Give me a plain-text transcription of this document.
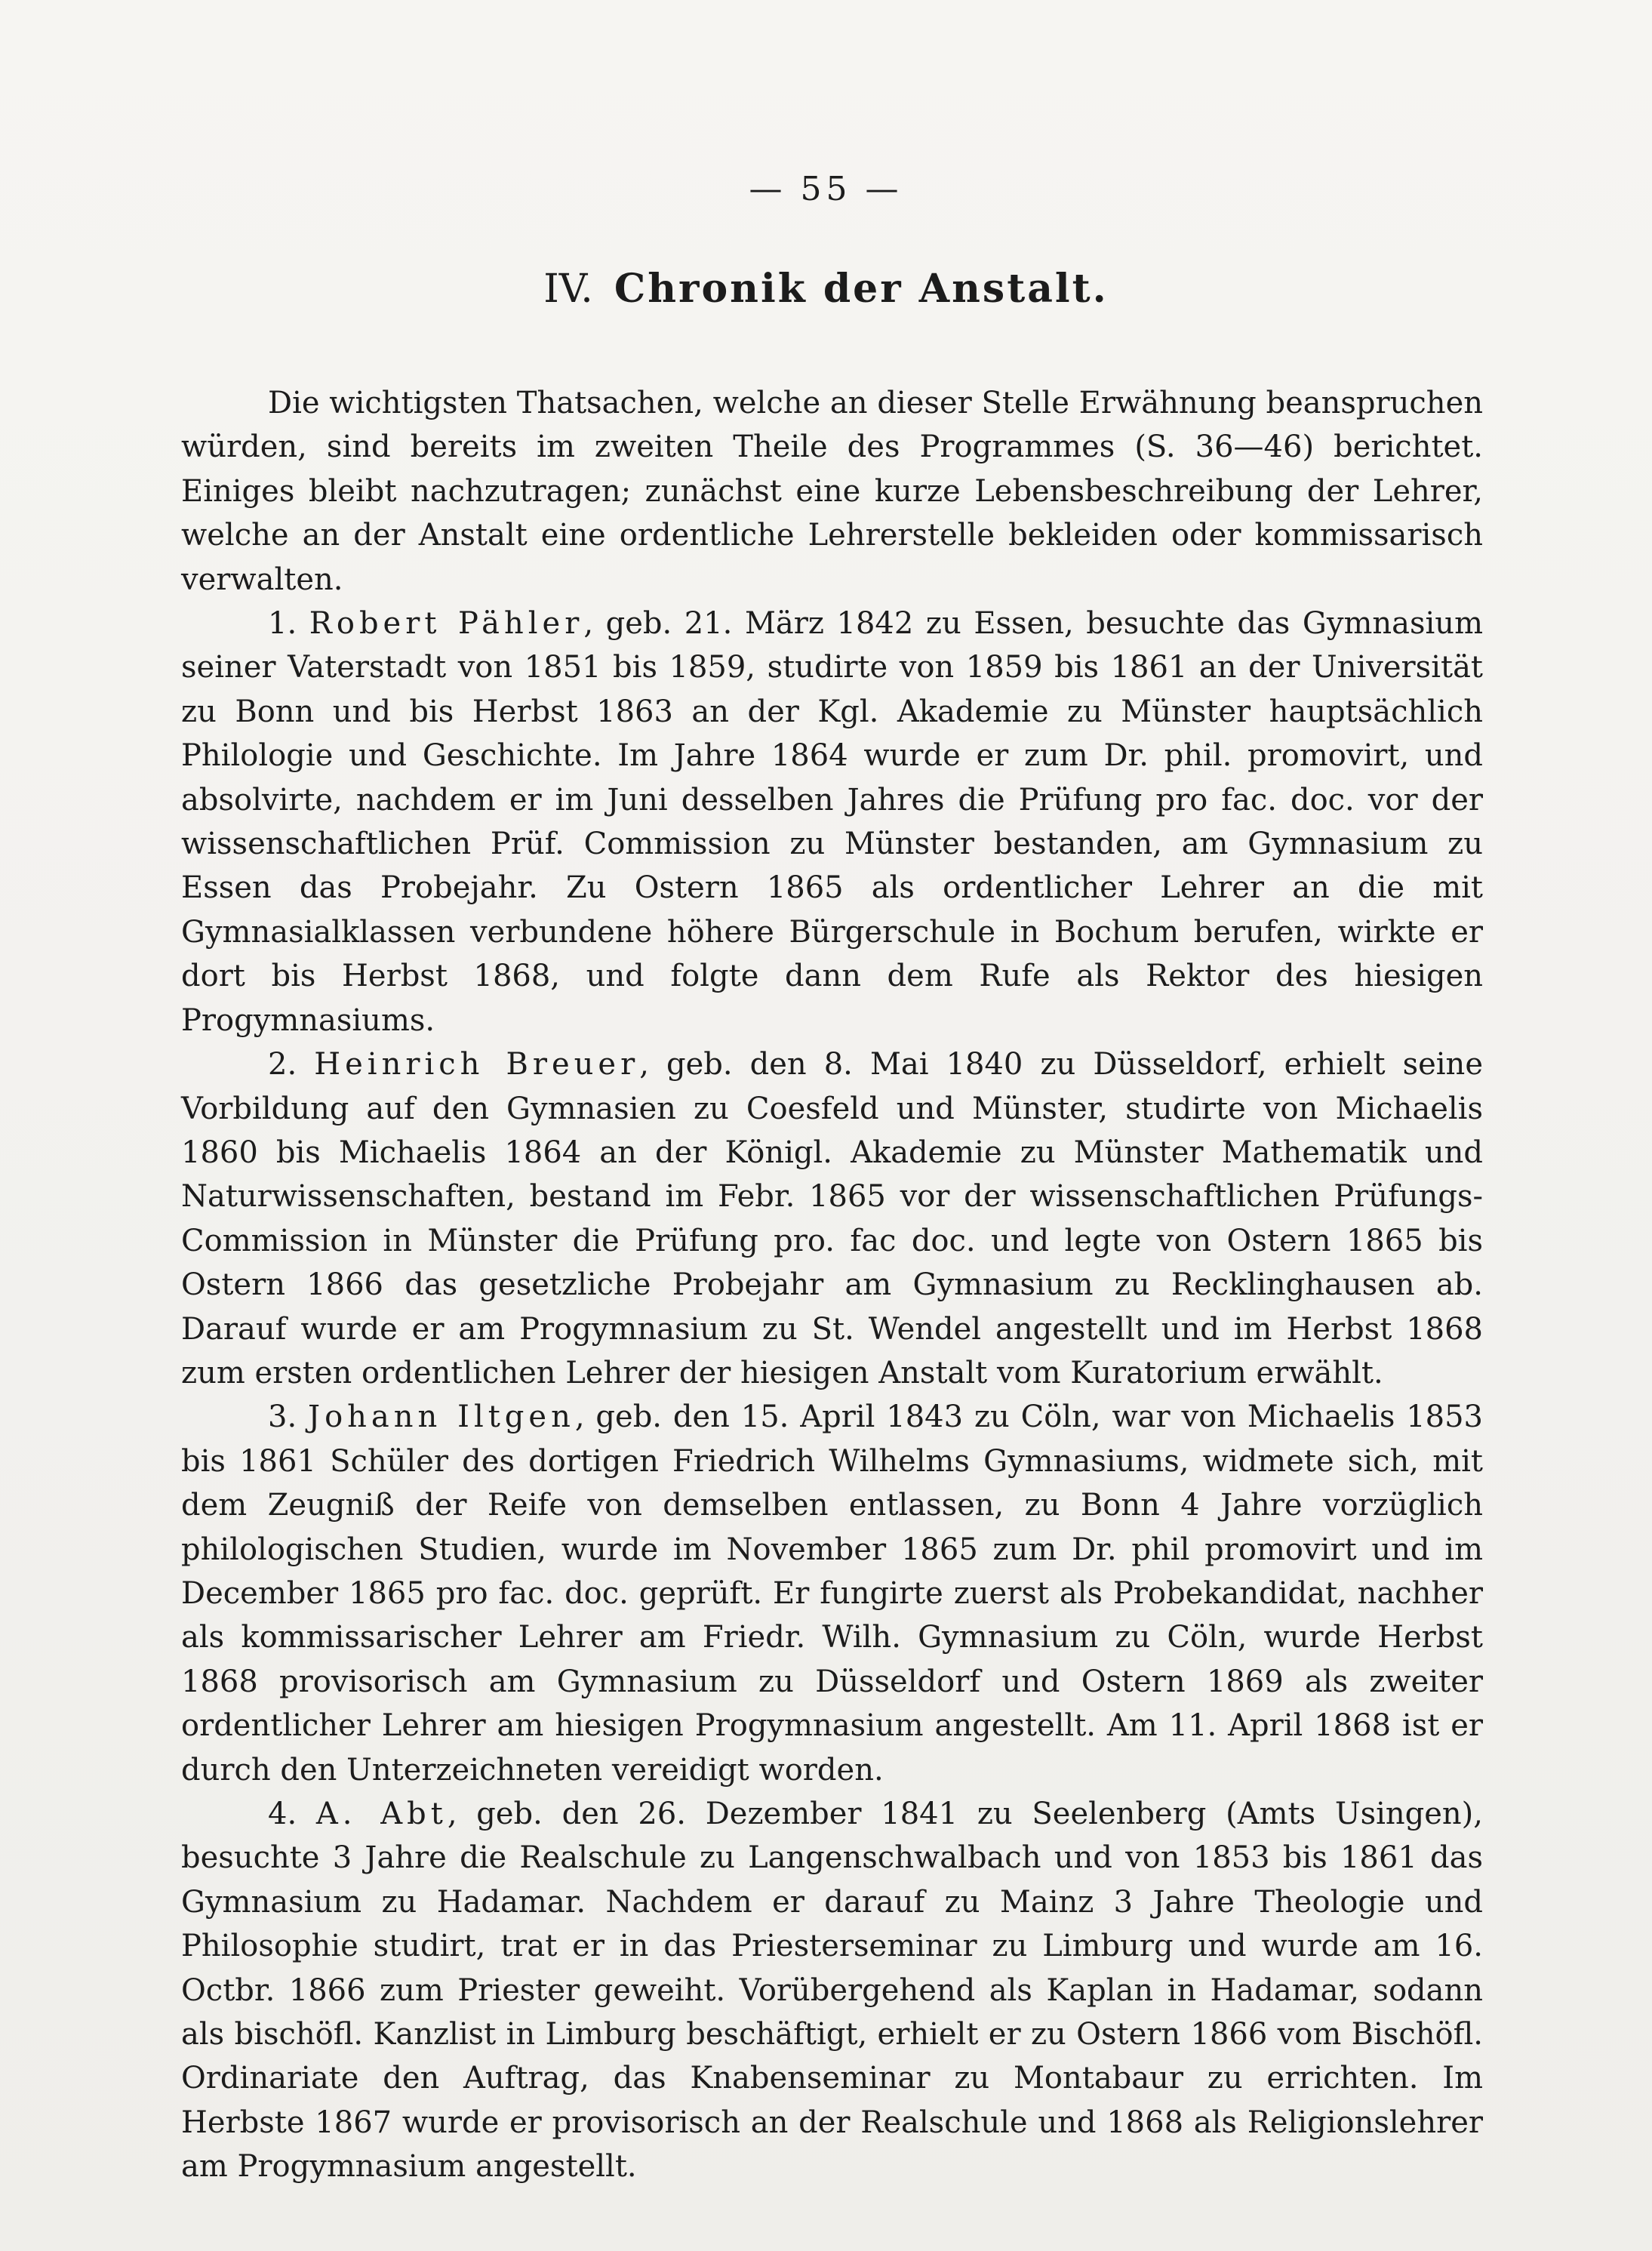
— 55 —
IV. Chronik der Anstalt.

Die wichtigsten Thatsachen, welche an dieser Stelle Erwähnung beanspruchen würden, sind bereits im zweiten Theile des Programmes (S. 36—46) berichtet. Einiges bleibt nachzutragen; zunächst eine kurze Lebensbeschreibung der Lehrer, welche an der Anstalt eine ordentliche Lehrerstelle bekleiden oder kommissarisch verwalten.

1. Robert Pähler, geb. 21. März 1842 zu Essen, besuchte das Gymnasium seiner Vaterstadt von 1851 bis 1859, studirte von 1859 bis 1861 an der Universität zu Bonn und bis Herbst 1863 an der Kgl. Akademie zu Münster hauptsächlich Philologie und Geschichte. Im Jahre 1864 wurde er zum Dr. phil. promovirt, und absolvirte, nachdem er im Juni desselben Jahres die Prüfung pro fac. doc. vor der wissenschaftlichen Prüf. Commission zu Münster bestanden, am Gymnasium zu Essen das Probejahr. Zu Ostern 1865 als ordentlicher Lehrer an die mit Gymnasialklassen verbundene höhere Bürgerschule in Bochum berufen, wirkte er dort bis Herbst 1868, und folgte dann dem Rufe als Rektor des hiesigen Progymnasiums.

2. Heinrich Breuer, geb. den 8. Mai 1840 zu Düsseldorf, erhielt seine Vorbildung auf den Gymnasien zu Coesfeld und Münster, studirte von Michaelis 1860 bis Michaelis 1864 an der Königl. Akademie zu Münster Mathematik und Naturwissenschaften, bestand im Febr. 1865 vor der wissenschaftlichen Prüfungs-Commission in Münster die Prüfung pro. fac doc. und legte von Ostern 1865 bis Ostern 1866 das gesetzliche Probejahr am Gymnasium zu Recklinghausen ab. Darauf wurde er am Progymnasium zu St. Wendel angestellt und im Herbst 1868 zum ersten ordentlichen Lehrer der hiesigen Anstalt vom Kuratorium erwählt.

3. Johann Iltgen, geb. den 15. April 1843 zu Cöln, war von Michaelis 1853 bis 1861 Schüler des dortigen Friedrich Wilhelms Gymnasiums, widmete sich, mit dem Zeugniß der Reife von demselben entlassen, zu Bonn 4 Jahre vorzüglich philologischen Studien, wurde im November 1865 zum Dr. phil promovirt und im December 1865 pro fac. doc. geprüft. Er fungirte zuerst als Probekandidat, nachher als kommissarischer Lehrer am Friedr. Wilh. Gymnasium zu Cöln, wurde Herbst 1868 provisorisch am Gymnasium zu Düsseldorf und Ostern 1869 als zweiter ordentlicher Lehrer am hiesigen Progymnasium angestellt. Am 11. April 1868 ist er durch den Unterzeichneten vereidigt worden.

4. A. Abt, geb. den 26. Dezember 1841 zu Seelenberg (Amts Usingen), besuchte 3 Jahre die Realschule zu Langenschwalbach und von 1853 bis 1861 das Gymnasium zu Hadamar. Nachdem er darauf zu Mainz 3 Jahre Theologie und Philosophie studirt, trat er in das Priesterseminar zu Limburg und wurde am 16. Octbr. 1866 zum Priester geweiht. Vorübergehend als Kaplan in Hadamar, sodann als bischöfl. Kanzlist in Limburg beschäftigt, erhielt er zu Ostern 1866 vom Bischöfl. Ordinariate den Auftrag, das Knabenseminar zu Montabaur zu errichten. Im Herbste 1867 wurde er provisorisch an der Realschule und 1868 als Religionslehrer am Progymnasium angestellt.
